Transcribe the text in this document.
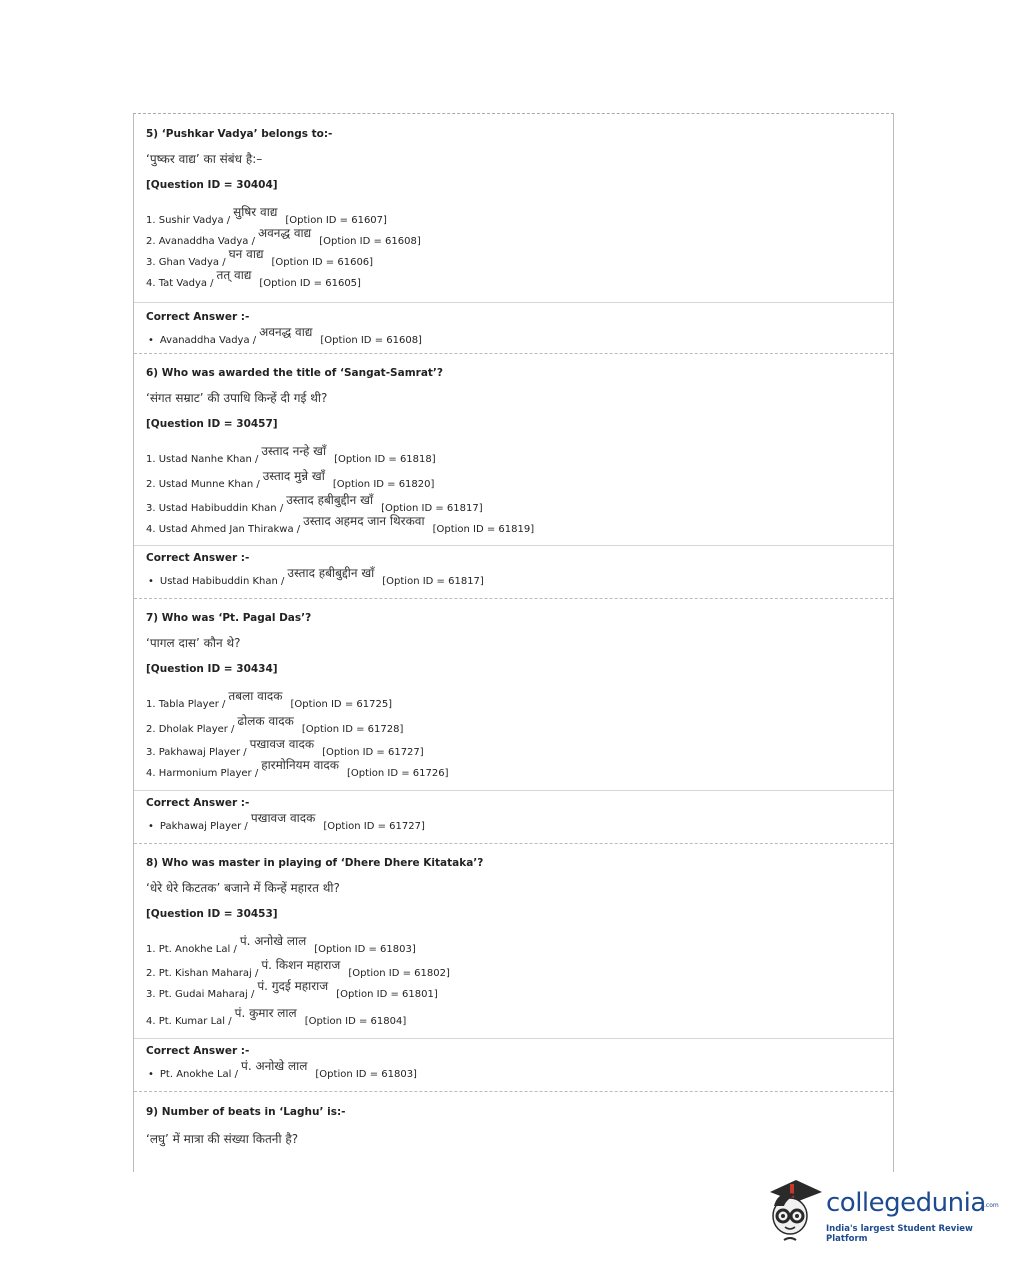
5) ‘Pushkar Vadya’ belongs to:-
‘पुष्कर वाद्य’ का संबंध है:–
[Question ID = 30404]
1. Sushir Vadya /
सुषिर वाद्य
[Option ID = 61607]
2. Avanaddha Vadya /
अवनद्ध वाद्य
[Option ID = 61608]
3. Ghan Vadya /
घन वाद्य
[Option ID = 61606]
4. Tat Vadya /
तत् वाद्य
[Option ID = 61605]
Correct Answer :-
• Avanaddha Vadya /
अवनद्ध वाद्य
[Option ID = 61608]
6) Who was awarded the title of ‘Sangat-Samrat’?
‘संगत सम्राट’ की उपाधि किन्हें दी गई थी?
[Question ID = 30457]
1. Ustad Nanhe Khan /
उस्ताद नन्हे खाँ
[Option ID = 61818]
2. Ustad Munne Khan /
उस्ताद मुन्ने खाँ
[Option ID = 61820]
3. Ustad Habibuddin Khan /
उस्ताद हबीबुद्दीन खाँ
[Option ID = 61817]
4. Ustad Ahmed Jan Thirakwa /
उस्ताद अहमद जान थिरकवा
[Option ID = 61819]
Correct Answer :-
• Ustad Habibuddin Khan /
उस्ताद हबीबुद्दीन खाँ
[Option ID = 61817]
7) Who was ‘Pt. Pagal Das’?
‘पागल दास’ कौन थे?
[Question ID = 30434]
1. Tabla Player /
तबला वादक
[Option ID = 61725]
2. Dholak Player /
ढोलक वादक
[Option ID = 61728]
3. Pakhawaj Player /
पखावज वादक
[Option ID = 61727]
4. Harmonium Player /
हारमोनियम वादक
[Option ID = 61726]
Correct Answer :-
• Pakhawaj Player /
पखावज वादक
[Option ID = 61727]
8) Who was master in playing of ‘Dhere Dhere Kitataka’?
‘धेरे धेरे किटतक’ बजाने में किन्हें महारत थी?
[Question ID = 30453]
1. Pt. Anokhe Lal /
पं. अनोखे लाल
[Option ID = 61803]
2. Pt. Kishan Maharaj /
पं. किशन महाराज
[Option ID = 61802]
3. Pt. Gudai Maharaj /
पं. गुदई महाराज
[Option ID = 61801]
4. Pt. Kumar Lal /
पं. कुमार लाल
[Option ID = 61804]
Correct Answer :-
• Pt. Anokhe Lal /
पं. अनोखे लाल
[Option ID = 61803]
9) Number of beats in ‘Laghu’ is:-
‘लघु’ में मात्रा की संख्या कितनी है?
collegedunia
.com
India's largest Student Review Platform
